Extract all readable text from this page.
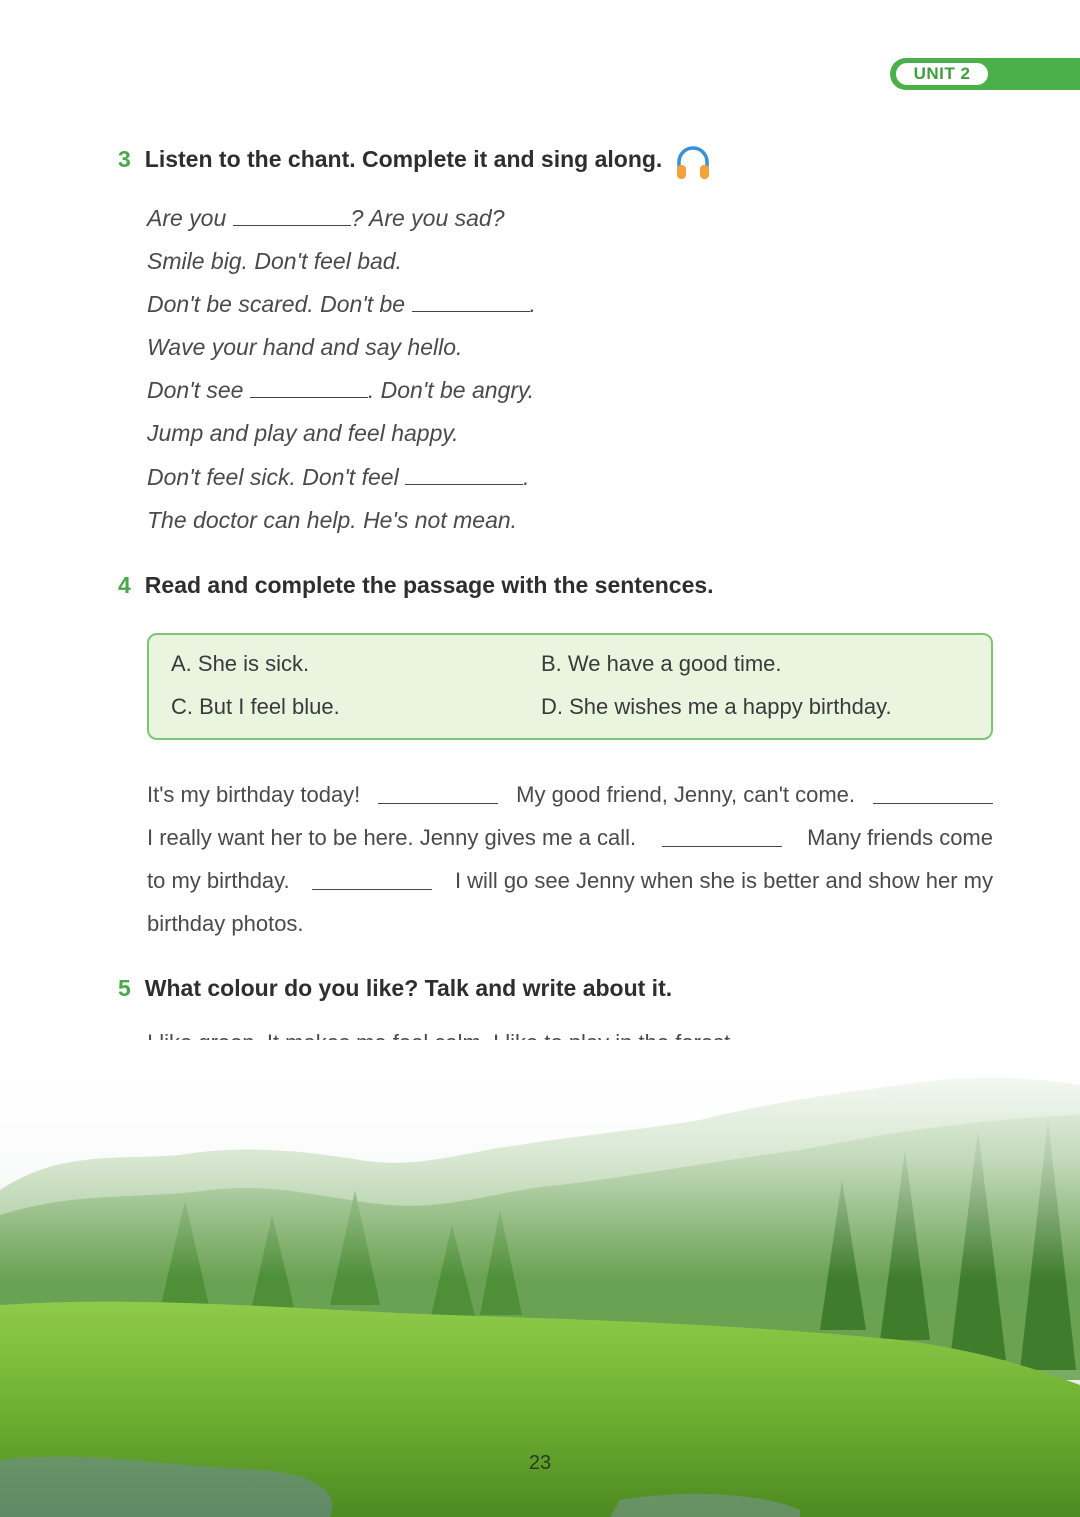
UNIT 2
3 Listen to the chant. Complete it and sing along.
Are you	? Are you sad?
Smile big. Don't feel bad.
Don't be scared. Don't be	.
Wave your hand and say hello.
Don't see	. Don't be angry.
Jump and play and feel happy.
Don't feel sick. Don't feel	.
The doctor can help. He's not mean.
4 Read and complete the passage with the sentences.
A. She is sick.	B. We have a good time.
C. But I feel blue.	D. She wishes me a happy birthday.
It's my birthday today!	My good friend, Jenny, can't come.
I really want her to be here. Jenny gives me a call.	Many friends come
to my birthday.	I will go see Jenny when she is better and show her my
birthday photos.
5 What colour do you like? Talk and write about it.
23
